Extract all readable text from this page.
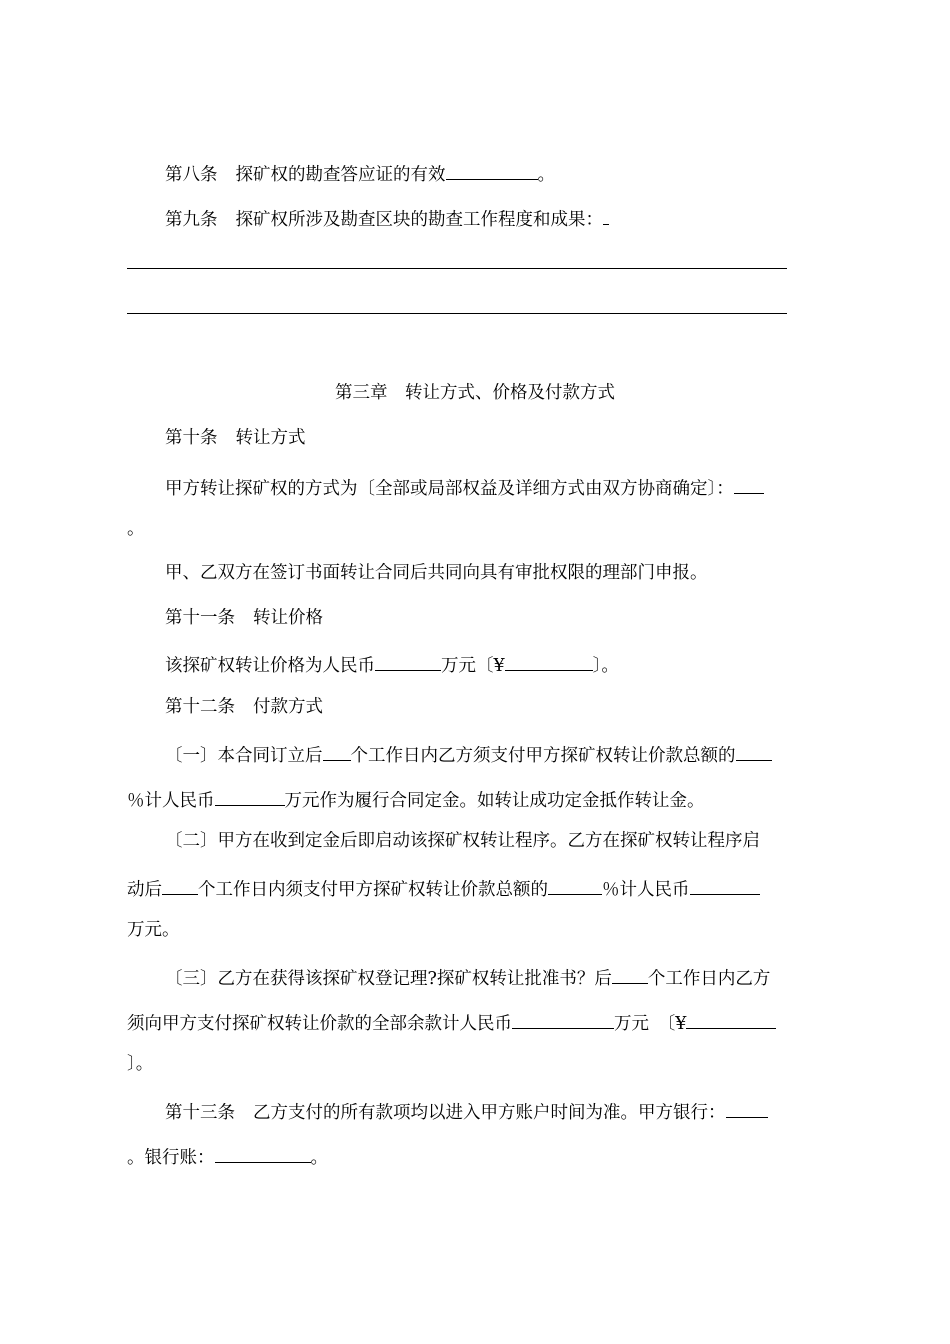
第八条 探矿权的勘查答应证的有效	。
第九条 探矿权所涉及勘查区块的勘查工作程度和成果：
第三章　转让方式、价格及付款方式
第十条 转让方式
甲方转让探矿权的方式为〔全部或局部权益及详细方式由双方协商确定〕：
。
甲、乙双方在签订书面转让合同后共同向具有审批权限的理部门申报。
第十一条 转让价格
该探矿权转让价格为人民币	万元〔¥	〕。
第十二条 付款方式
〔一〕本合同订立后 个工作日内乙方须支付甲方探矿权转让价款总额的
％计人民币	万元作为履行合同定金。如转让成功定金抵作转让金。
〔二〕甲方在收到定金后即启动该探矿权转让程序。乙方在探矿权转让程序启
动后 个工作日内须支付甲方探矿权转让价款总额的	％计人民币
万元。
〔三〕乙方在获得该探矿权登记理?探矿权转让批准书？后 个工作日内乙方
须向甲方支付探矿权转让价款的全部余款计人民币	万元　〔¥
〕。
第十三条 乙方支付的所有款项均以进入甲方账户时间为准。甲方银行：
。银行账：	。
